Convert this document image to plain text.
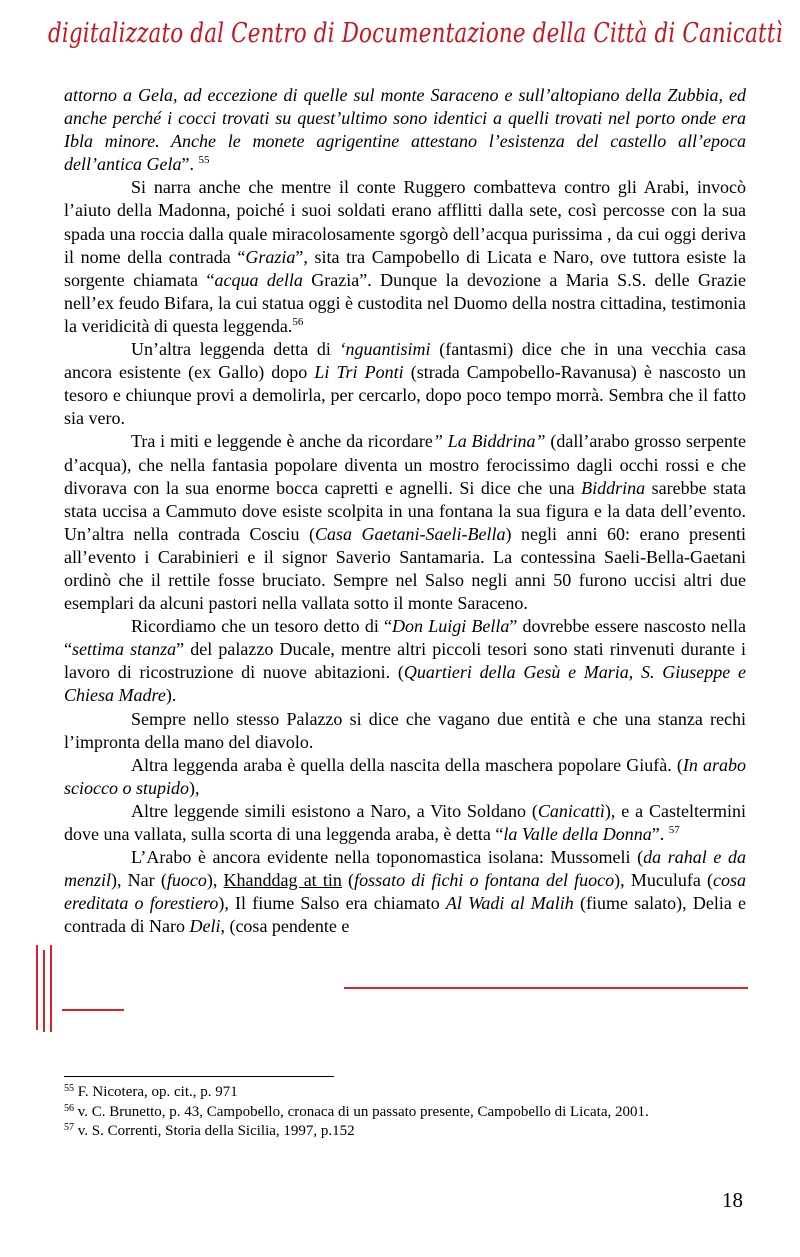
digitalizzato dal Centro di Documentazione della Città di Canicattì

attorno a Gela, ad eccezione di quelle sul monte Saraceno e sull’altopiano della Zubbia, ed anche perché i cocci trovati su quest’ultimo sono identici a quelli trovati nel porto onde era Ibla minore. Anche le monete agrigentine attestano l’esistenza del castello all’epoca dell’antica Gela”. $^{55}$

Si narra anche che mentre il conte Ruggero combatteva contro gli Arabi, invocò l’aiuto della Madonna, poiché i suoi soldati erano afflitti dalla sete, così percosse con la sua spada una roccia dalla quale miracolosamente sgorgò dell’acqua purissima , da cui oggi deriva il nome della contrada “Grazia”, sita tra Campobello di Licata e Naro, ove tuttora esiste la sorgente chiamata “acqua della Grazia”. Dunque la devozione a Maria S.S. delle Grazie nell’ex feudo Bifara, la cui statua oggi è custodita nel Duomo della nostra cittadina, testimonia la veridicità di questa leggenda.$^{56}$

Un’altra leggenda detta di ‘nguantisimi (fantasmi) dice che in una vecchia casa ancora esistente (ex Gallo) dopo Li Tri Ponti (strada Campobello-Ravanusa) è nascosto un tesoro e chiunque provi a demolirla, per cercarlo, dopo poco tempo morrà. Sembra che il fatto sia vero.

Tra i miti e leggende è anche da ricordare” La Biddrina” (dall’arabo grosso serpente d’acqua), che nella fantasia popolare diventa un mostro ferocissimo dagli occhi rossi e che divorava con la sua enorme bocca capretti e agnelli. Si dice che una Biddrina sarebbe stata stata uccisa a Cammuto dove esiste scolpita in una fontana la sua figura e la data dell’evento. Un’altra nella contrada Cosciu (Casa Gaetani-Saeli-Bella) negli anni 60: erano presenti all’evento i Carabinieri e il signor Saverio Santamaria. La contessina Saeli-Bella-Gaetani ordinò che il rettile fosse bruciato. Sempre nel Salso negli anni 50 furono uccisi altri due esemplari da alcuni pastori nella vallata sotto il monte Saraceno.

Ricordiamo che un tesoro detto di “Don Luigi Bella” dovrebbe essere nascosto nella “settima stanza” del palazzo Ducale, mentre altri piccoli tesori sono stati rinvenuti durante i lavoro di ricostruzione di nuove abitazioni. (Quartieri della Gesù e Maria, S. Giuseppe e Chiesa Madre).

Sempre nello stesso Palazzo si dice che vagano due entità e che una stanza rechi l’impronta della mano del diavolo.

Altra leggenda araba è quella della nascita della maschera popolare Giufà. (In arabo sciocco o stupido),

Altre leggende simili esistono a Naro, a Vito Soldano (Canicattì), e a Casteltermini dove una vallata, sulla scorta di una leggenda araba, è detta “la Valle della Donna”. $^{57}$

L’Arabo è ancora evidente nella toponomastica isolana: Mussomeli (da rahal e da menzil), Nar (fuoco), Khanddag at tin (fossato di fichi o fontana del fuoco), Muculufa (cosa ereditata o forestiero), Il fiume Salso era chiamato Al Wadi al Malih (fiume salato), Delia e contrada di Naro Deli, (cosa pendente e

$^{55}$ F. Nicotera, op. cit., p. 971
$^{56}$ v. C. Brunetto, p. 43, Campobello, cronaca di un passato presente, Campobello di Licata, 2001.
$^{57}$ v. S. Correnti, Storia della Sicilia, 1997, p.152
18
